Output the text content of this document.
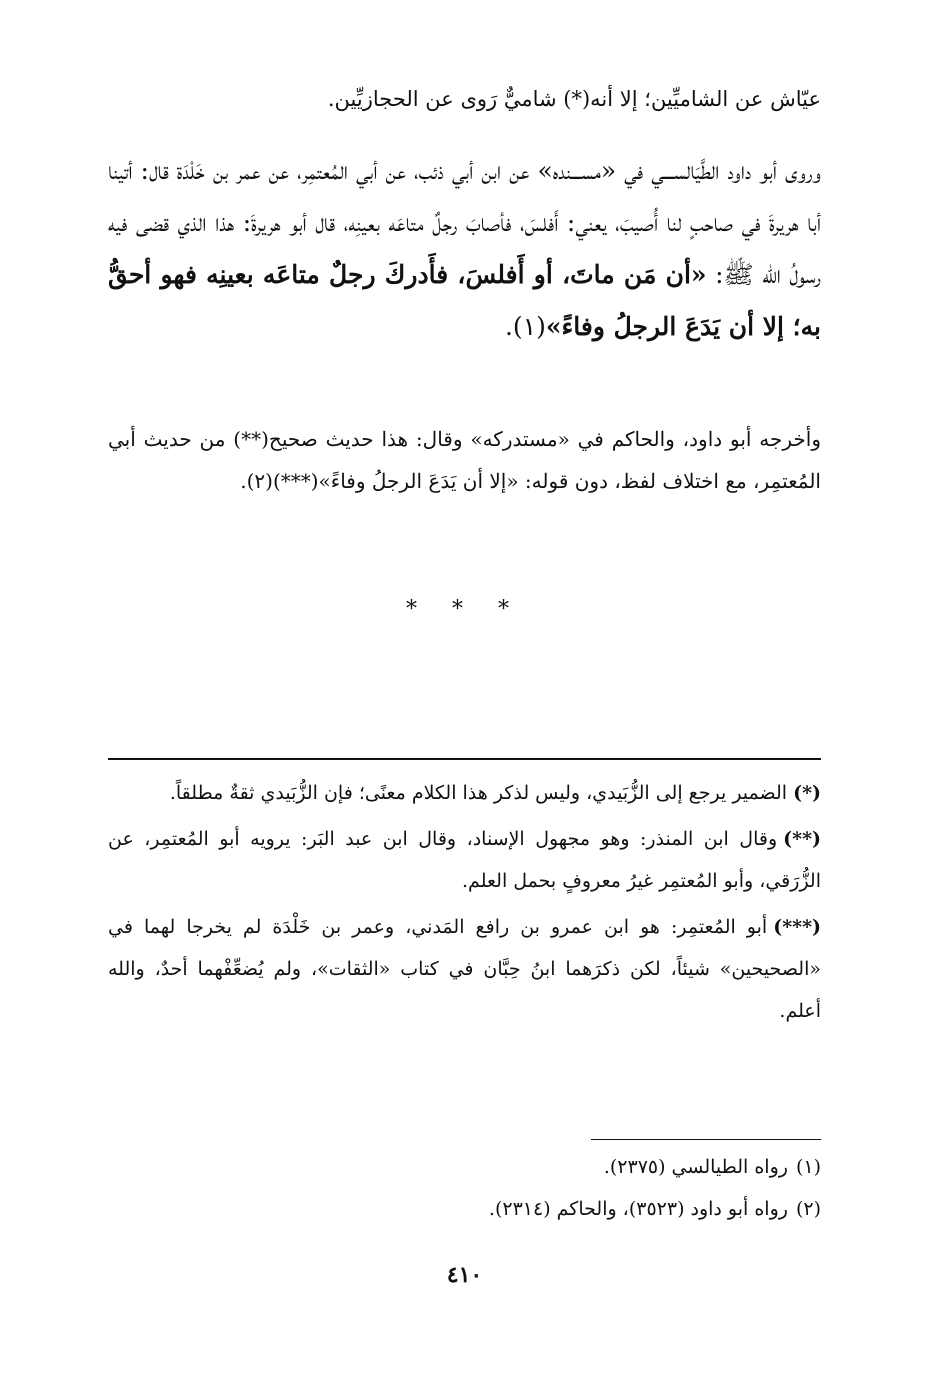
عيّاش عن الشاميِّين؛ إلا أنه(*) شاميٌّ رَوى عن الحجازيِّين.
وروى أبو داود الطَّيَالســـي في «مســـنده» عن ابن أبي ذئب، عن أبي المُعتمِر، عن عمر بن خَلْدَة قال: أتينا أبا هريرةَ في صاحبٍ لنا أُصيبَ، يعني: أَفلسَ، فأصابَ رجلٌ متاعَه بعينِه، قال أبو هريرةَ: هذا الذي قضى فيه رسولُ الله ﷺ: «أن مَن ماتَ، أو أَفلسَ، فأَدركَ رجلٌ متاعَه بعينِه فهو أحقُّ به؛ إلا أن يَدَعَ الرجلُ وفاءً»(١).
وأخرجه أبو داود، والحاكم في «مستدركه» وقال: هذا حديث صحيح(**) من حديث أبي المُعتمِر، مع اختلاف لفظ، دون قوله: «إلا أن يَدَعَ الرجلُ وفاءً»(***)(٢).
* * *

(*)الضمير يرجع إلى الزُّبَيدي، وليس لذكر هذا الكلام معنًى؛ فإن الزُّبَيدي ثقةٌ مطلقاً.

(**)وقال ابن المنذر: وهو مجهول الإسناد، وقال ابن عبد البَر: يرويه أبو المُعتمِر، عن الزُّرَقي، وأبو المُعتمِر غيرُ معروفٍ بحمل العلم.

(***)أبو المُعتمِر: هو ابن عمرو بن رافع المَدني، وعمر بن خَلْدَة لم يخرجا لهما في «الصحيحين» شيئاً، لكن ذكرَهما ابنُ حِبَّان في كتاب «الثقات»، ولم يُضعِّفْهما أحدٌ، والله أعلم.

(١)رواه الطيالسي (٢٣٧٥).
(٢)رواه أبو داود (٣٥٢٣)، والحاكم (٢٣١٤).
٤١٠
